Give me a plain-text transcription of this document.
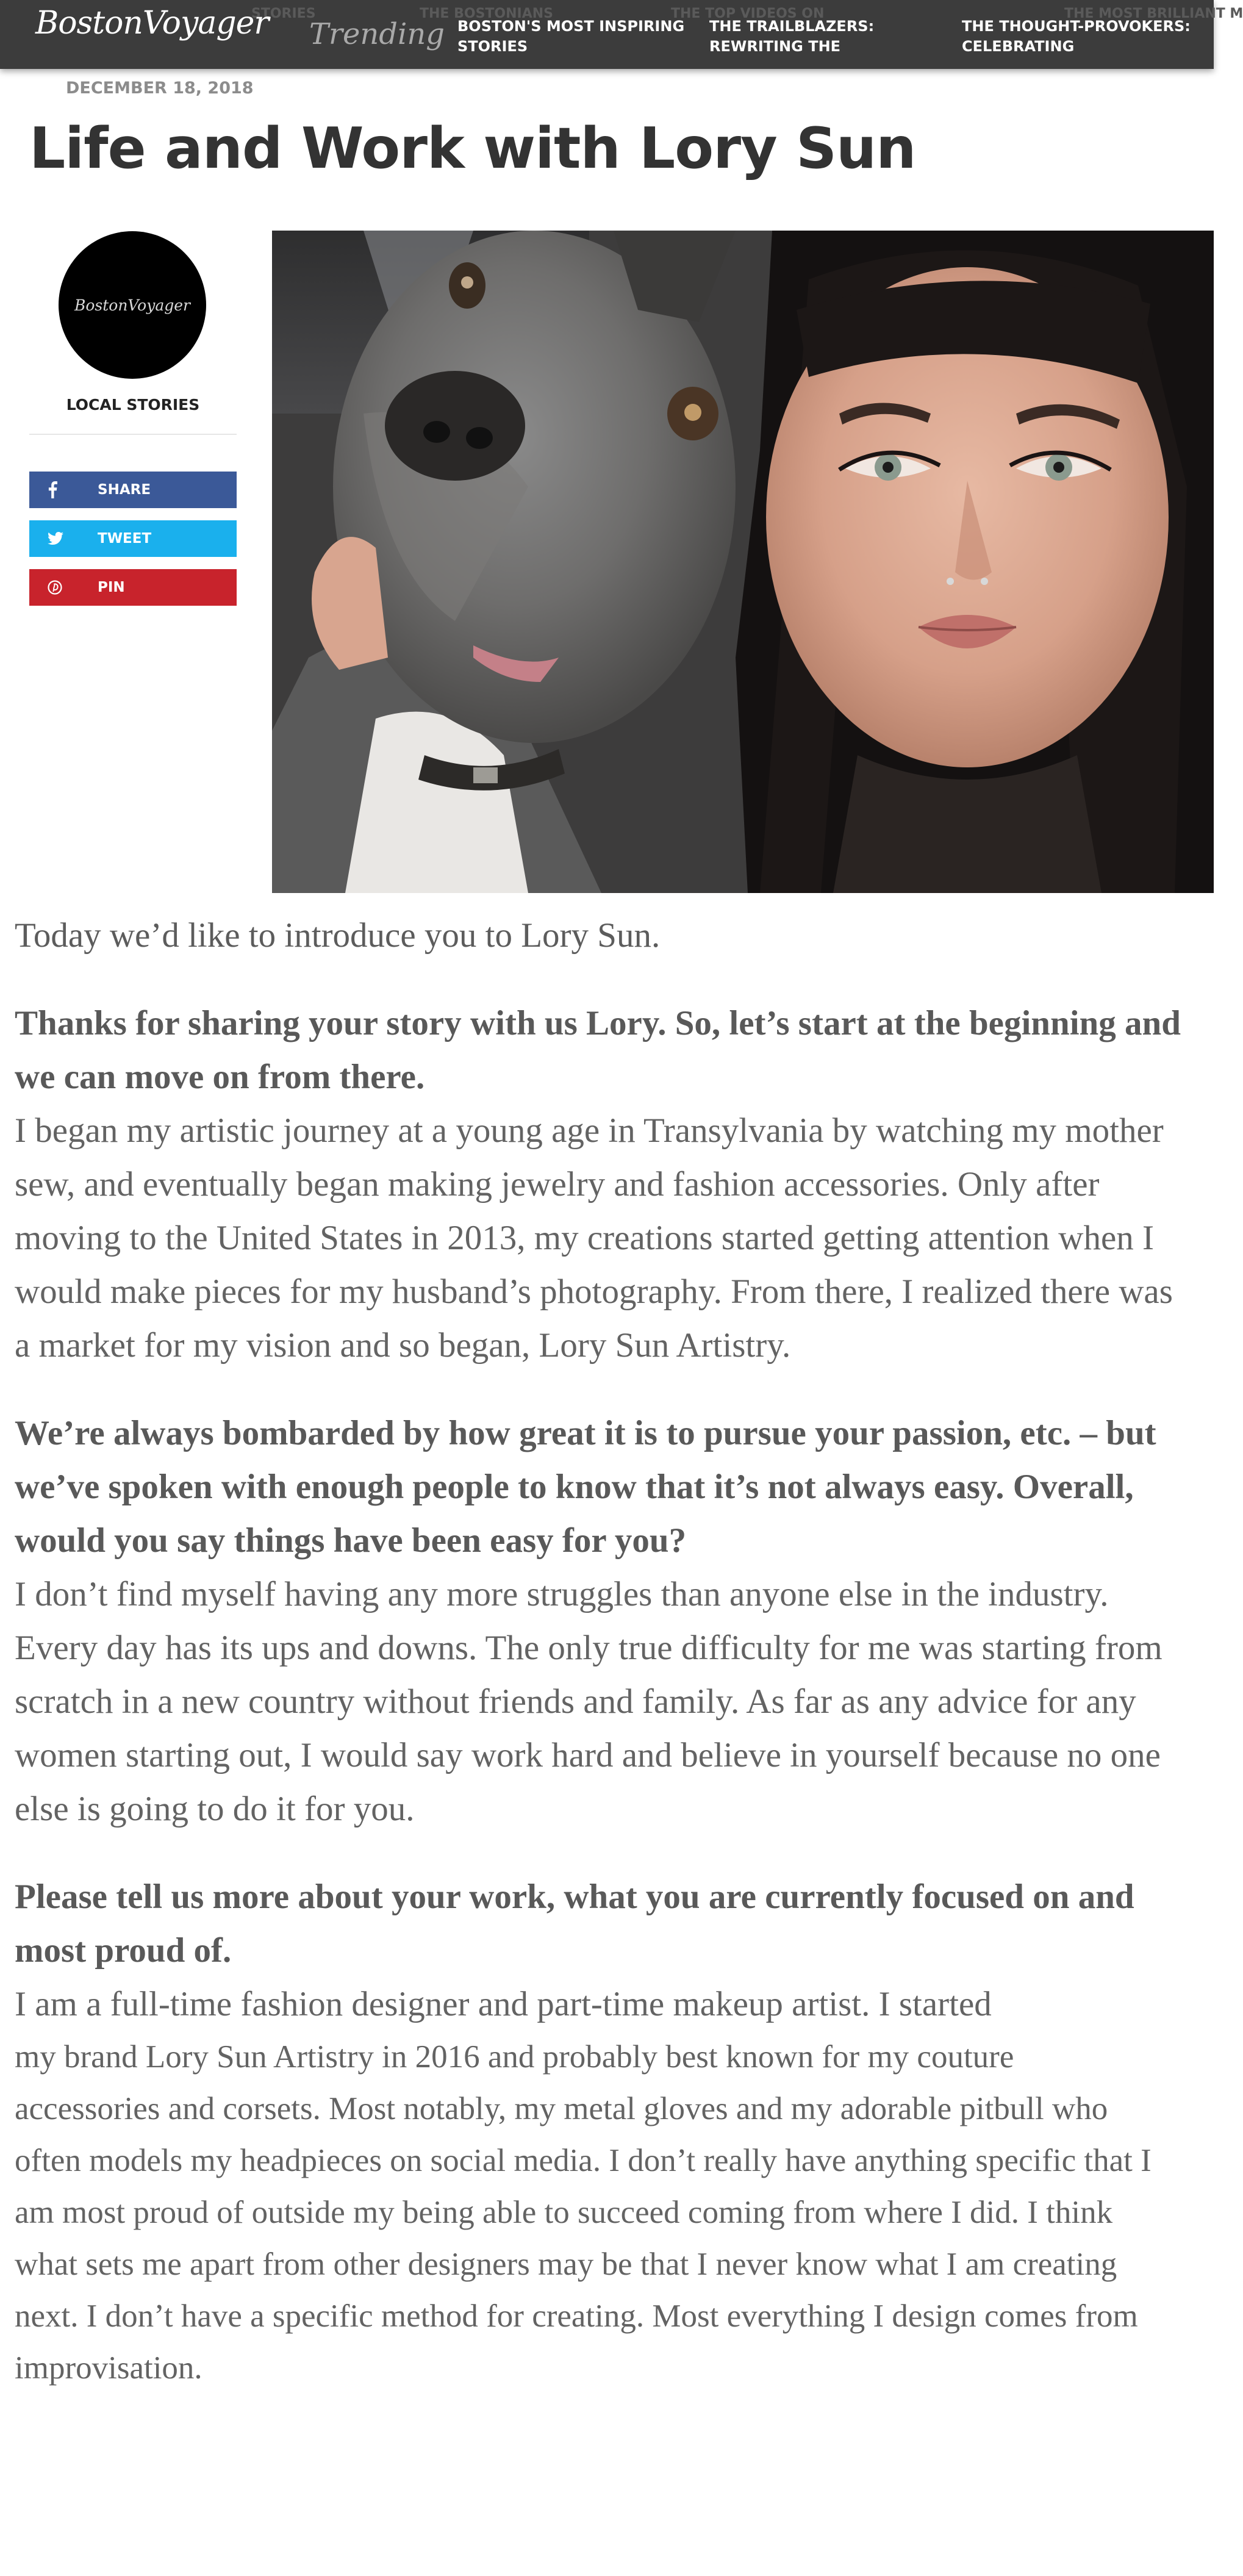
STORIES	THE BOSTONIANS	THE TOP VIDEOS ON	THE MOST BRILLIANT M
BostonVoyager Trending BOSTON'S MOST INSPIRING STORIES
THE TRAILBLAZERS: REWRITING THE
THE THOUGHT-PROVOKERS: CELEBRATING
DECEMBER 18, 2018
Life and Work with Lory Sun
BostonVoyager
LOCAL STORIES
SHARE
TWEET
PIN

Today we’d like to introduce you to Lory Sun.

Thanks for sharing your story with us Lory. So, let’s start at the beginning and we can move on from there.

I began my artistic journey at a young age in Transylvania by watching my mother sew, and eventually began making jewelry and fashion accessories. Only after moving to the United States in 2013, my creations started getting attention when I would make pieces for my husband’s photography. From there, I realized there was a market for my vision and so began, Lory Sun Artistry.

We’re always bombarded by how great it is to pursue your passion, etc. – but we’ve spoken with enough people to know that it’s not always easy. Overall, would you say things have been easy for you?

I don’t find myself having any more struggles than anyone else in the industry. Every day has its ups and downs. The only true difficulty for me was starting from scratch in a new country without friends and family. As far as any advice for any women starting out, I would say work hard and believe in yourself because no one else is going to do it for you.

Please tell us more about your work, what you are currently focused on and most proud of.

I am a full-time fashion designer and part-time makeup artist. I started

my brand Lory Sun Artistry in 2016 and probably best known for my couture accessories and corsets. Most notably, my metal gloves and my adorable pitbull who often models my headpieces on social media. I don’t really have anything specific that I am most proud of outside my being able to succeed coming from where I did. I think what sets me apart from other designers may be that I never know what I am creating next. I don’t have a specific method for creating. Most everything I design comes from improvisation.
